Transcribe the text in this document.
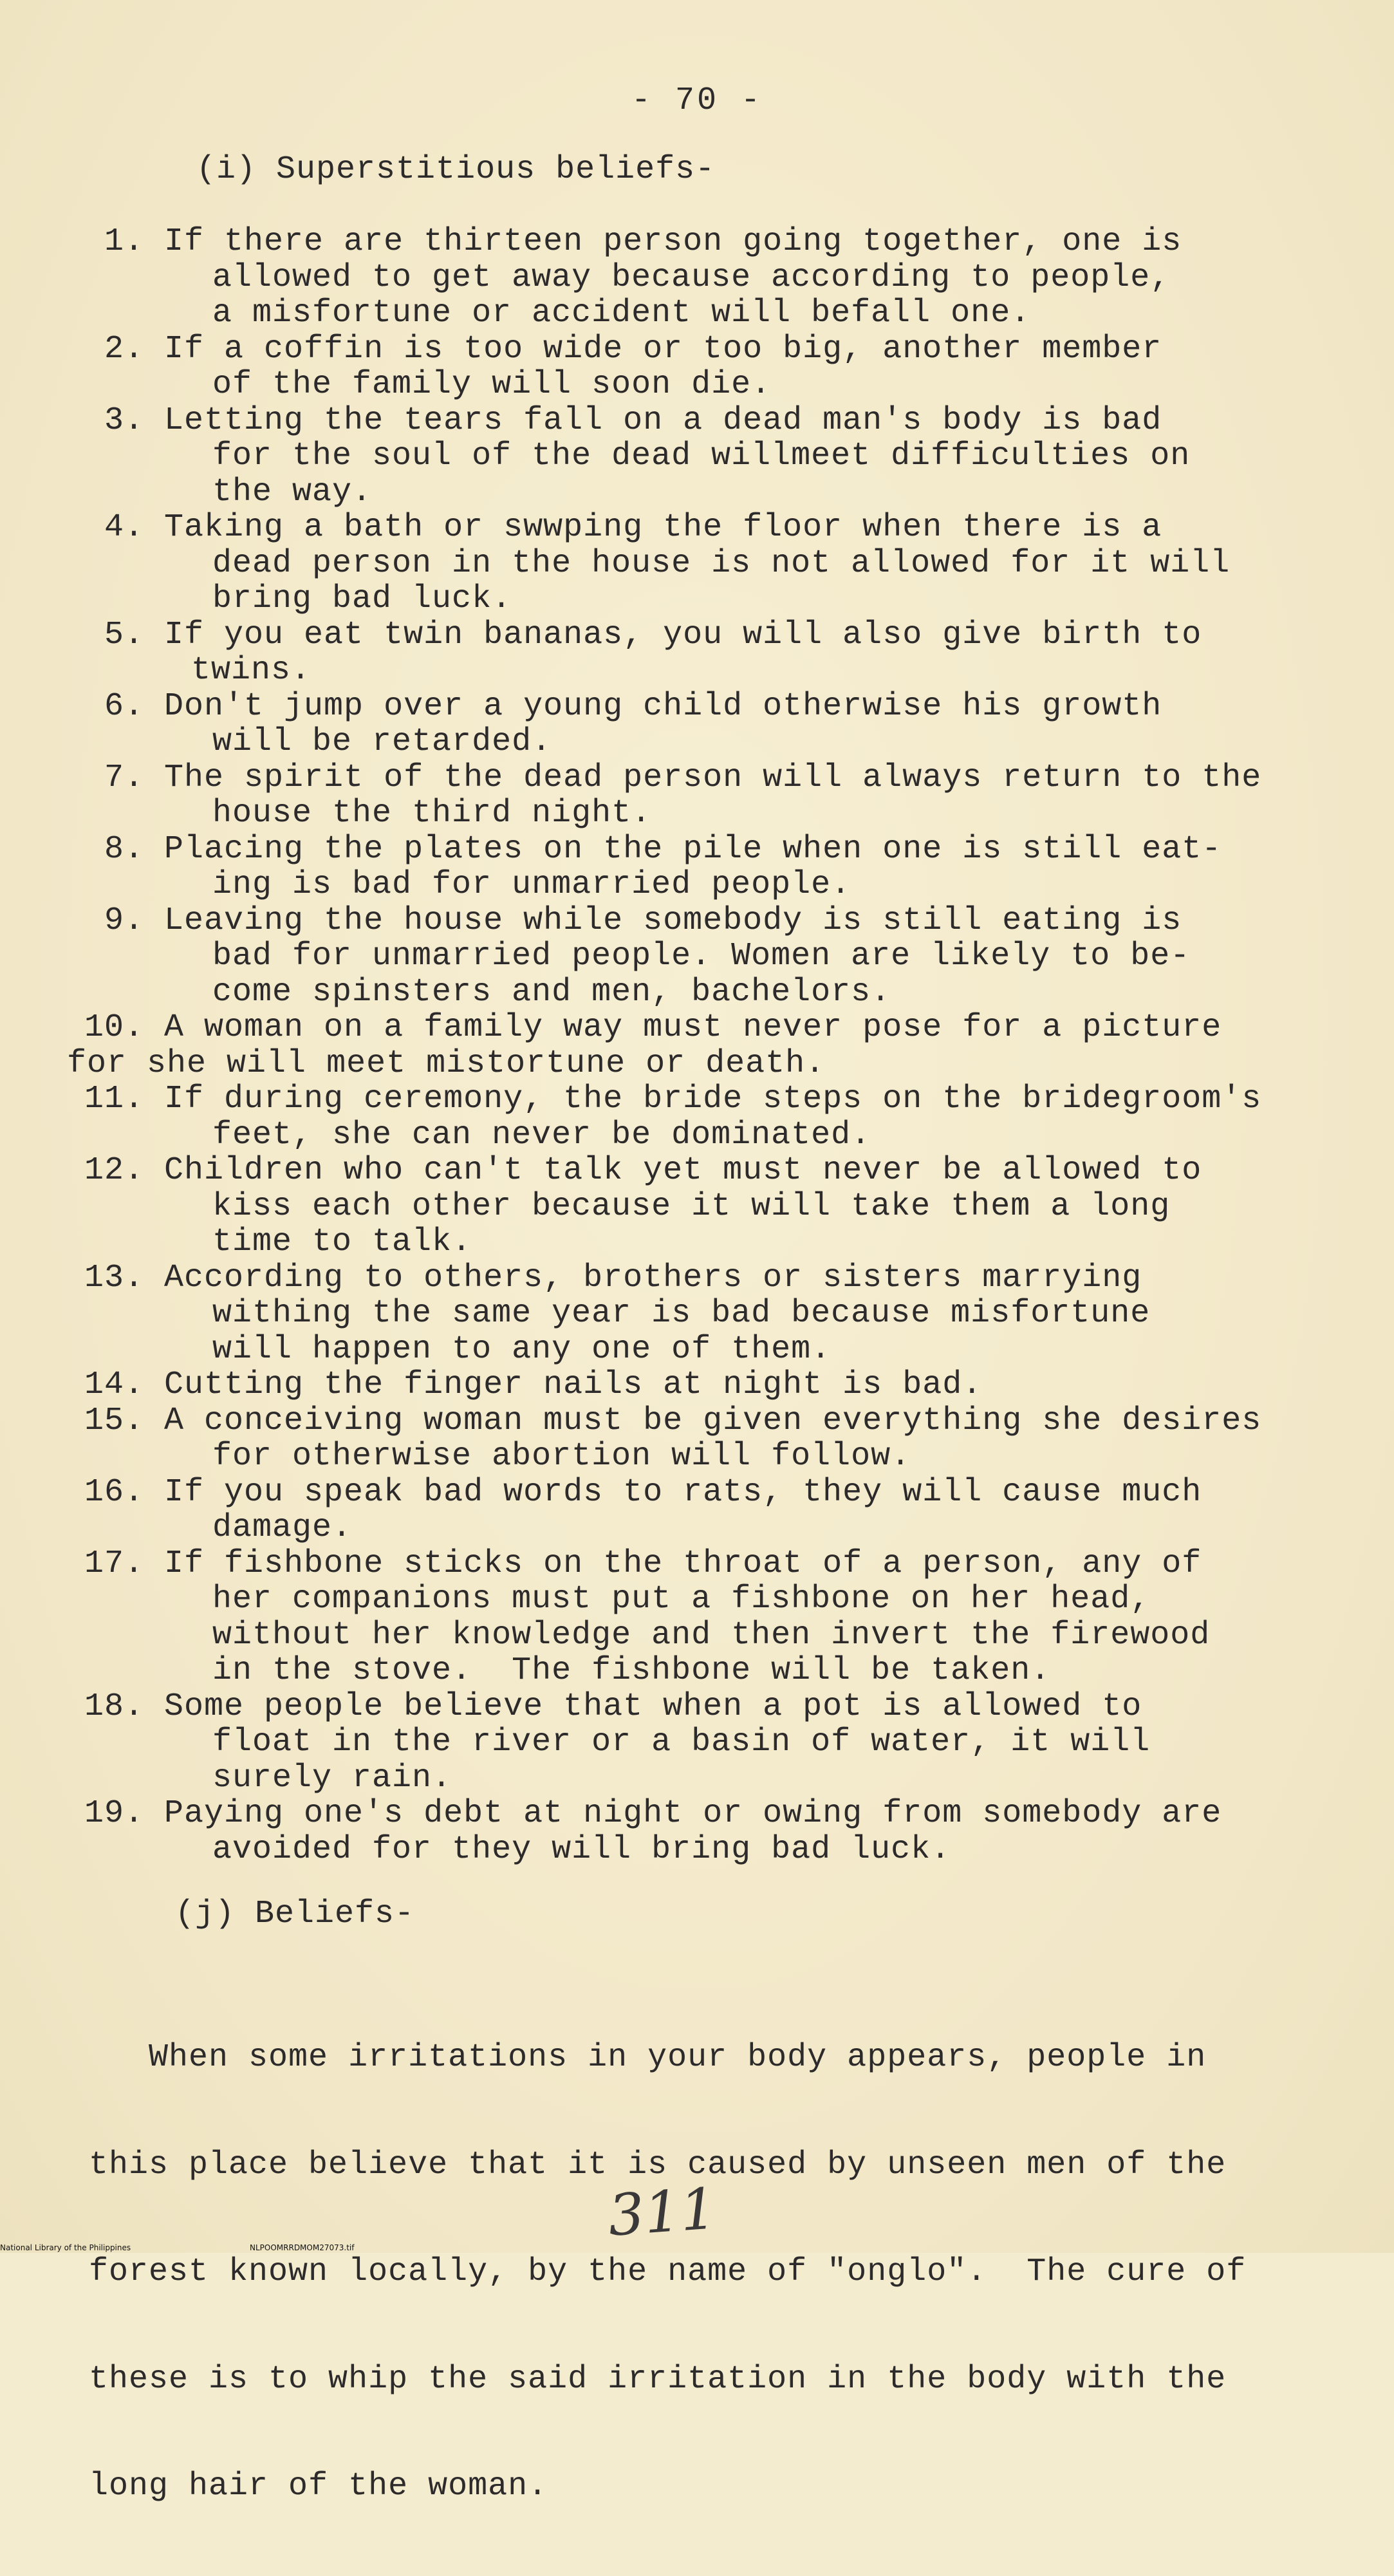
- 70 -
(i) Superstitious beliefs-
1. If there are thirteen person going together, one is
allowed to get away because according to people,
a misfortune or accident will befall one.
2. If a coffin is too wide or too big, another member
of the family will soon die.
3. Letting the tears fall on a dead man's body is bad
for the soul of the dead willmeet difficulties on
the way.
4. Taking a bath or swwping the floor when there is a
dead person in the house is not allowed for it will
bring bad luck.
5. If you eat twin bananas, you will also give birth to
twins.
6. Don't jump over a young child otherwise his growth
will be retarded.
7. The spirit of the dead person will always return to the
house the third night.
8. Placing the plates on the pile when one is still eat-
ing is bad for unmarried people.
9. Leaving the house while somebody is still eating is
bad for unmarried people. Women are likely to be-
come spinsters and men, bachelors.
10. A woman on a family way must never pose for a picture
for she will meet mistortune or death.
11. If during ceremony, the bride steps on the bridegroom's
feet, she can never be dominated.
12. Children who can't talk yet must never be allowed to
kiss each other because it will take them a long
time to talk.
13. According to others, brothers or sisters marrying
withing the same year is bad because misfortune
will happen to any one of them.
14. Cutting the finger nails at night is bad.
15. A conceiving woman must be given everything she desires
for otherwise abortion will follow.
16. If you speak bad words to rats, they will cause much
damage.
17. If fishbone sticks on the throat of a person, any of
her companions must put a fishbone on her head,
without her knowledge and then invert the firewood
in the stove.  The fishbone will be taken.
18. Some people believe that when a pot is allowed to
float in the river or a basin of water, it will
surely rain.
19. Paying one's debt at night or owing from somebody are
avoided for they will bring bad luck.
(j) Beliefs-

When some irritations in your body appears, people in

this place believe that it is caused by unseen men of the

forest known locally, by the name of "onglo".  The cure of

these is to whip the said irritation in the body with the

long hair of the woman.

311
National Library of the Philippines	NLPOOMRRDMOM27073.tif
